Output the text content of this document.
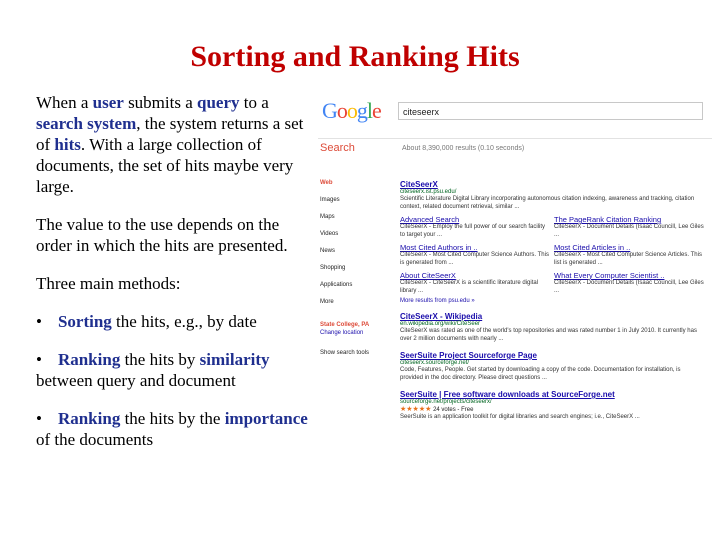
Sorting and Ranking Hits

When a user submits a query to a search system, the system returns a set of hits. With a large collection of documents, the set of hits maybe very large.

The value to the use depends on the order in which the hits are presented.

Three main methods:

• Sorting the hits, e.g., by date

• Ranking the hits by similarity between query and document

• Ranking the hits by the importance of the documents

Google	citeseerx
Search	About 8,390,000 results (0.10 seconds)
Web
Images
Maps
Videos
News
Shopping
Applications
More
State College, PA
Change location
Show search tools
CiteSeerX
citeseerx.ist.psu.edu/
Scientific Literature Digital Library incorporating autonomous citation indexing, awareness and tracking, citation context, related document retrieval, similar ...
Advanced Search
CiteSeerX - Employ the full power of our search facility to target your ...
The PageRank Citation Ranking
CiteSeerX - Document Details (Isaac Councill, Lee Giles ...
Most Cited Authors in ..
CiteSeerX - Most Cited Computer Science Authors. This is generated from ...
Most Cited Articles in ..
CiteSeerX - Most Cited Computer Science Articles. This list is generated ...
About CiteSeerX
CiteSeerX - CiteSeerX is a scientific literature digital library ...
What Every Computer Scientist ..
CiteSeerX - Document Details (Isaac Councill, Lee Giles ...
More results from psu.edu »
CiteSeerX - Wikipedia
en.wikipedia.org/wiki/CiteSeer
CiteSeerX was rated as one of the world's top repositories and was rated number 1 in July 2010. It currently has over 2 million documents with nearly ...
SeerSuite Project Sourceforge Page
citeseerx.sourceforge.net/
Code, Features, People. Get started by downloading a copy of the code. Documentation for installation, is provided in the doc directory. Please direct questions ...
SeerSuite | Free software downloads at SourceForge.net
sourceforge.net/projects/citeseerx/
★★★★★ 24 votes - Free
SeerSuite is an application toolkit for digital libraries and search engines; i.e., CiteSeerX ...
